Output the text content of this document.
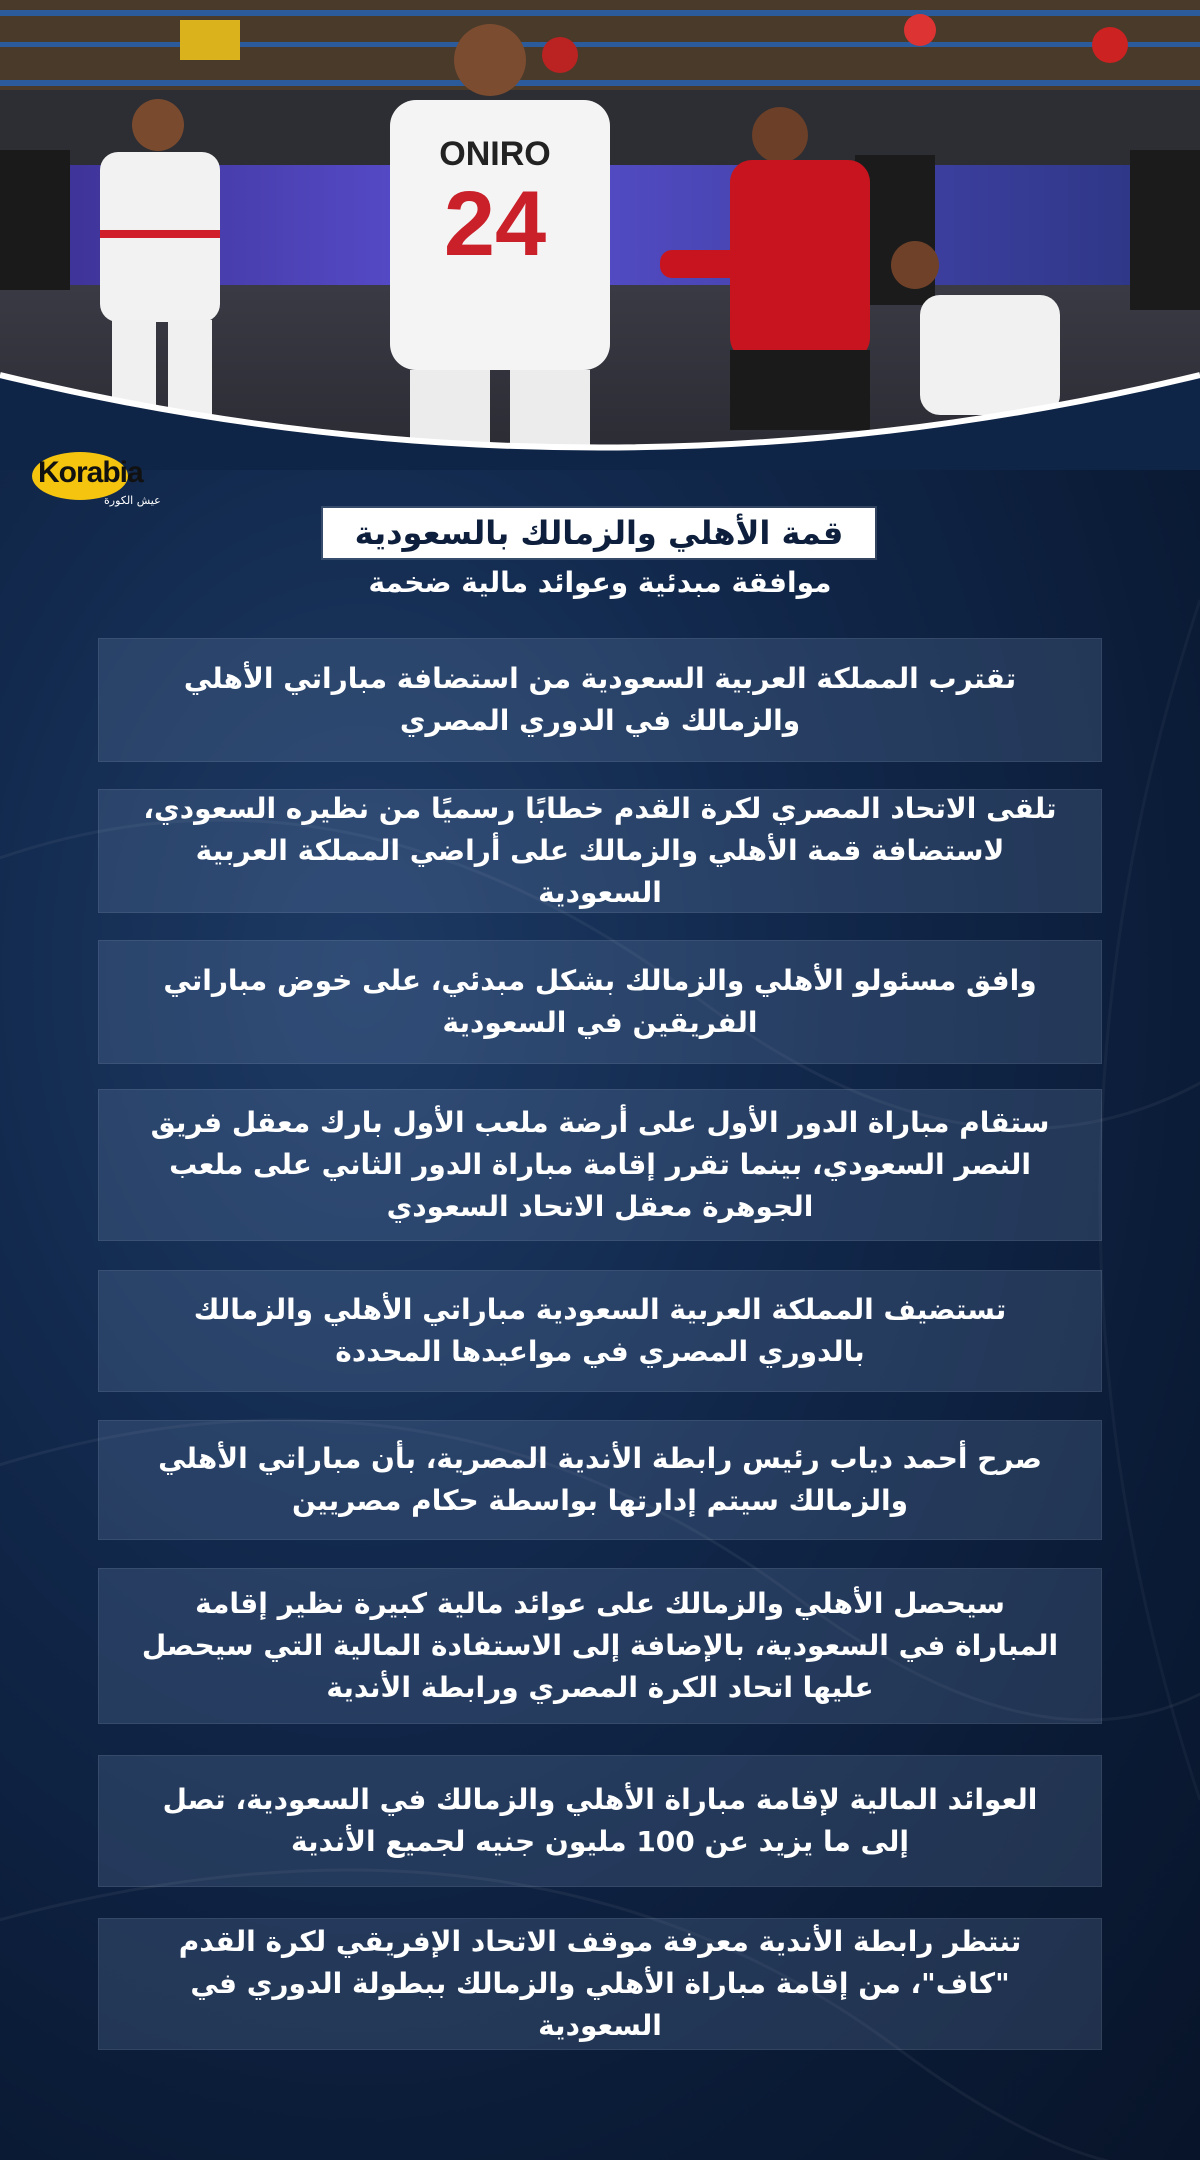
ONIRO
24
Korabia
عيش الكورة
قمة الأهلي والزمالك بالسعودية
موافقة مبدئية وعوائد مالية ضخمة
تقترب المملكة العربية السعودية من استضافة مباراتي الأهلي والزمالك في الدوري المصري
تلقى الاتحاد المصري لكرة القدم خطابًا رسميًا من نظيره السعودي، لاستضافة قمة الأهلي والزمالك على أراضي المملكة العربية السعودية
وافق مسئولو الأهلي والزمالك بشكل مبدئي، على خوض مباراتي الفريقين في السعودية
ستقام مباراة الدور الأول على أرضة ملعب الأول بارك معقل فريق النصر السعودي، بينما تقرر إقامة مباراة الدور الثاني على ملعب الجوهرة معقل الاتحاد السعودي
تستضيف المملكة العربية السعودية مباراتي الأهلي والزمالك بالدوري المصري في مواعيدها المحددة
صرح أحمد دياب رئيس رابطة الأندية المصرية، بأن مباراتي الأهلي والزمالك سيتم إدارتها بواسطة حكام مصريين
سيحصل الأهلي والزمالك على عوائد مالية كبيرة نظير إقامة المباراة في السعودية، بالإضافة إلى الاستفادة المالية التي سيحصل عليها اتحاد الكرة المصري ورابطة الأندية
العوائد المالية لإقامة مباراة الأهلي والزمالك في السعودية، تصل إلى ما يزيد عن 100 مليون جنيه لجميع الأندية
تنتظر رابطة الأندية معرفة موقف الاتحاد الإفريقي لكرة القدم "كاف"، من إقامة مباراة الأهلي والزمالك ببطولة الدوري في السعودية
